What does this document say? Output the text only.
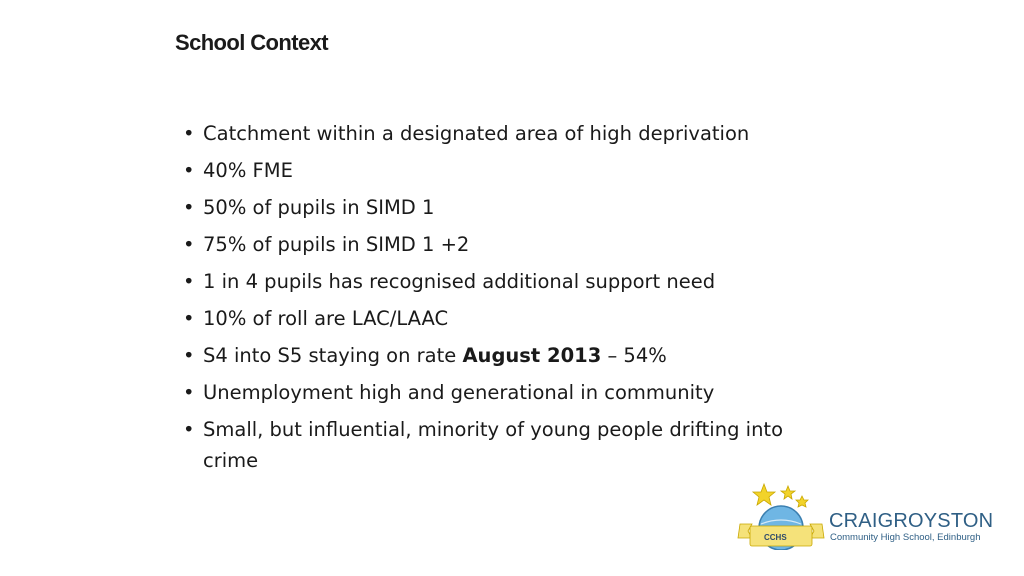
School Context
• Catchment within a designated area of high deprivation
• 40% FME
• 50% of pupils in SIMD 1
• 75% of pupils in SIMD 1 +2
• 1 in 4 pupils has recognised additional support need
• 10% of roll are LAC/LAAC
• S4 into S5 staying on rate August 2013 – 54%
• Unemployment high and generational in community
• Small, but influential, minority of young people drifting into crime
CCHS
CRAIGROYSTON
Community High School, Edinburgh
